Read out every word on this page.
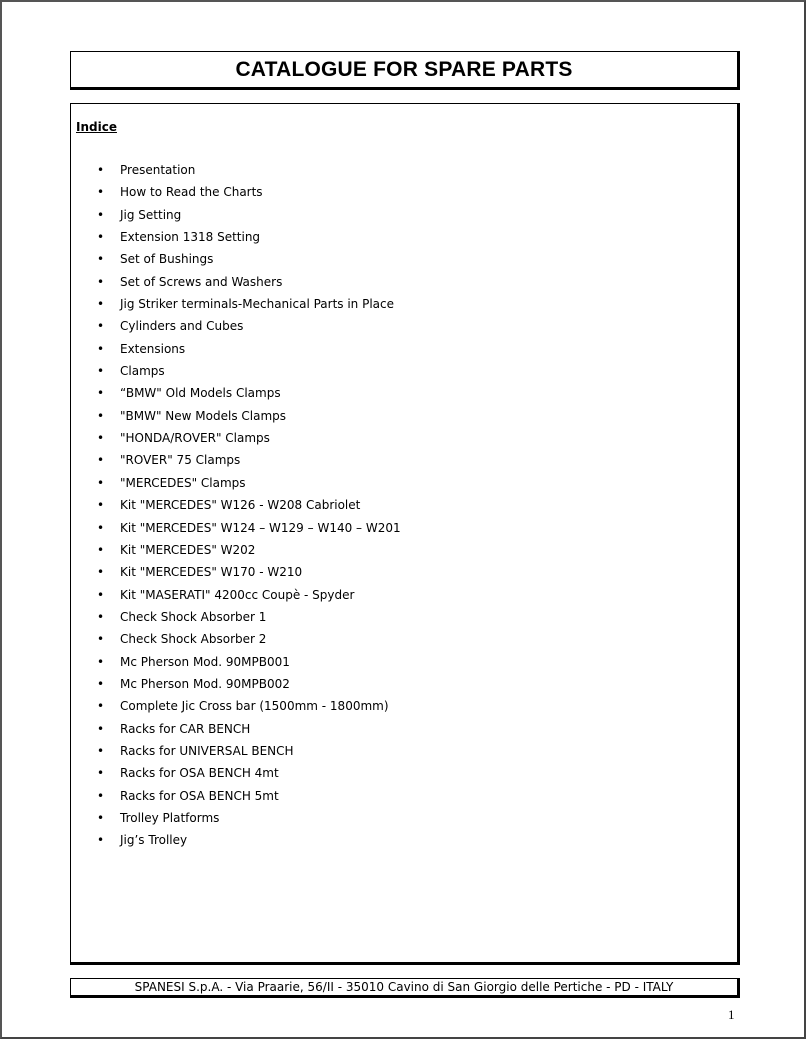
CATALOGUE FOR SPARE PARTS
Indice
• Presentation
• How to Read the Charts
• Jig Setting
• Extension 1318 Setting
• Set of Bushings
• Set of Screws and Washers
• Jig Striker terminals-Mechanical Parts in Place
• Cylinders and Cubes
• Extensions
• Clamps
• “BMW" Old Models Clamps
• "BMW" New Models Clamps
• "HONDA/ROVER" Clamps
• "ROVER" 75 Clamps
• "MERCEDES" Clamps
• Kit "MERCEDES" W126 - W208 Cabriolet
• Kit "MERCEDES" W124 – W129 – W140 – W201
• Kit "MERCEDES" W202
• Kit "MERCEDES" W170 - W210
• Kit "MASERATI" 4200cc Coupè - Spyder
• Check Shock Absorber 1
• Check Shock Absorber 2
• Mc Pherson Mod. 90MPB001
• Mc Pherson Mod. 90MPB002
• Complete Jic Cross bar (1500mm - 1800mm)
• Racks for CAR BENCH
• Racks for UNIVERSAL BENCH
• Racks for OSA BENCH 4mt
• Racks for OSA BENCH 5mt
• Trolley Platforms
• Jig’s Trolley
SPANESI S.p.A. - Via Praarie, 56/II - 35010 Cavino di San Giorgio delle Pertiche - PD - ITALY
1
